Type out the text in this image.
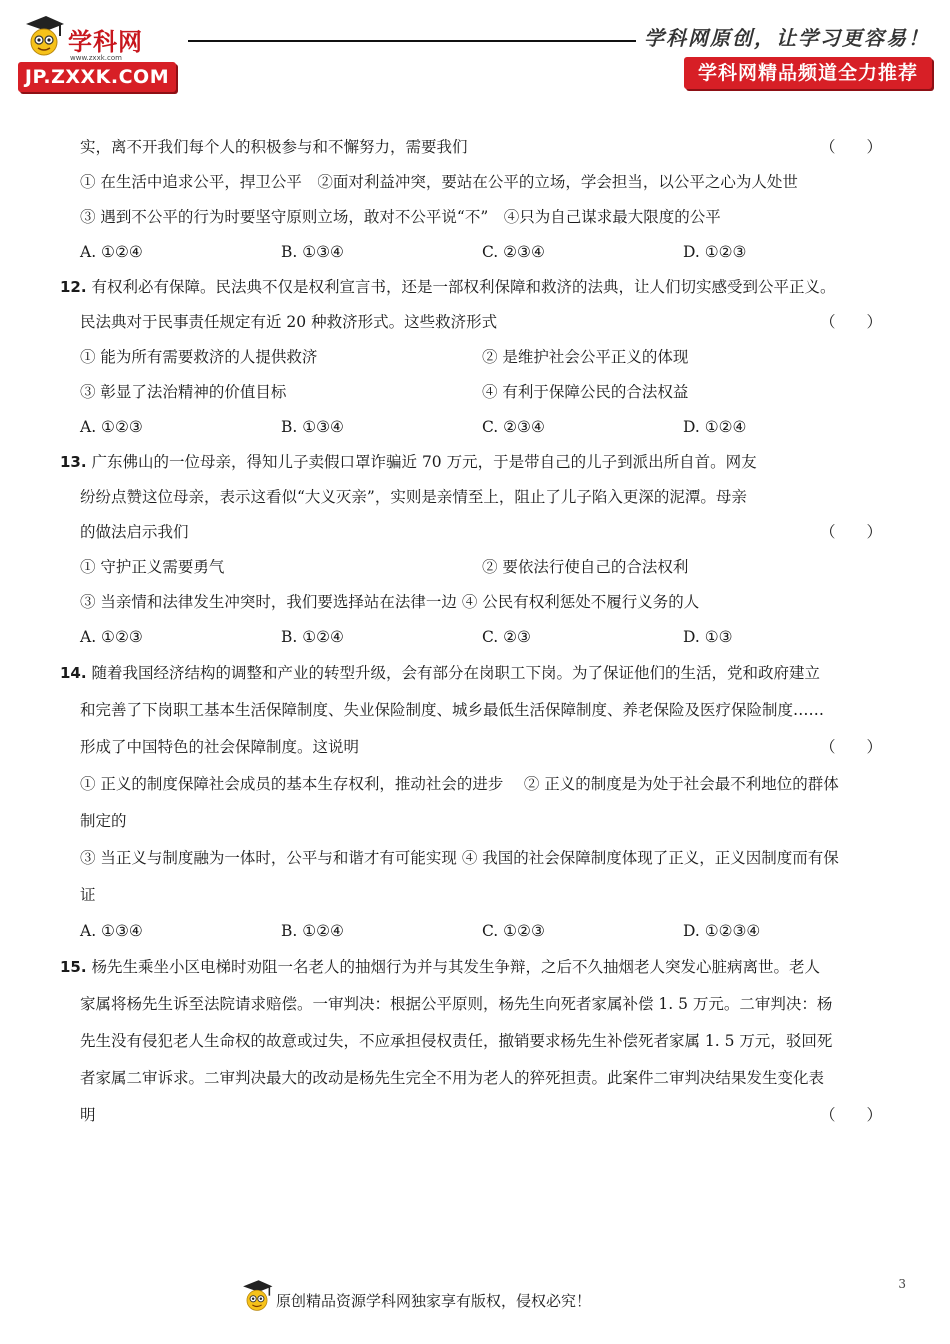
学科网
www.zxxk.com
JP.ZXXK.COM
学科网原创，让学习更容易！
学科网精品频道全力推荐
实，离不开我们每个人的积极参与和不懈努力，需要我们	（　　）
① 在生活中追求公平，捍卫公平　②面对利益冲突，要站在公平的立场，学会担当，以公平之心为人处世
③ 遇到不公平的行为时要坚守原则立场，敢对不公平说“不”　④只为自己谋求最大限度的公平
A. ①②④	B. ①③④	C. ②③④	D. ①②③
12. 有权利必有保障。民法典不仅是权利宣言书，还是一部权利保障和救济的法典，让人们切实感受到公平正义。
民法典对于民事责任规定有近 20 种救济形式。这些救济形式	（　　）
① 能为所有需要救济的人提供救济	② 是维护社会公平正义的体现
③ 彰显了法治精神的价值目标	④ 有利于保障公民的合法权益
A. ①②③	B. ①③④	C. ②③④	D. ①②④
13. 广东佛山的一位母亲，得知儿子卖假口罩诈骗近 70 万元，于是带自己的儿子到派出所自首。网友
纷纷点赞这位母亲，表示这看似“大义灭亲”，实则是亲情至上，阻止了儿子陷入更深的泥潭。母亲
的做法启示我们	（　　）
① 守护正义需要勇气	② 要依法行使自己的合法权利
③ 当亲情和法律发生冲突时，我们要选择站在法律一边 ④ 公民有权利惩处不履行义务的人
A. ①②③	B. ①②④	C. ②③	D. ①③
14. 随着我国经济结构的调整和产业的转型升级，会有部分在岗职工下岗。为了保证他们的生活，党和政府建立
和完善了下岗职工基本生活保障制度、失业保险制度、城乡最低生活保障制度、养老保险及医疗保险制度……
形成了中国特色的社会保障制度。这说明	（　　）
① 正义的制度保障社会成员的基本生存权利，推动社会的进步　 ② 正义的制度是为处于社会最不利地位的群体
制定的
③ 当正义与制度融为一体时，公平与和谐才有可能实现 ④ 我国的社会保障制度体现了正义，正义因制度而有保
证
A. ①③④	B. ①②④	C. ①②③	D. ①②③④
15. 杨先生乘坐小区电梯时劝阻一名老人的抽烟行为并与其发生争辩，之后不久抽烟老人突发心脏病离世。老人
家属将杨先生诉至法院请求赔偿。一审判决：根据公平原则，杨先生向死者家属补偿 1. 5 万元。二审判决：杨
先生没有侵犯老人生命权的故意或过失，不应承担侵权责任，撤销要求杨先生补偿死者家属 1. 5 万元，驳回死
者家属二审诉求。二审判决最大的改动是杨先生完全不用为老人的猝死担责。此案件二审判决结果发生变化表
明	（　　）
原创精品资源学科网独家享有版权，侵权必究！
3
